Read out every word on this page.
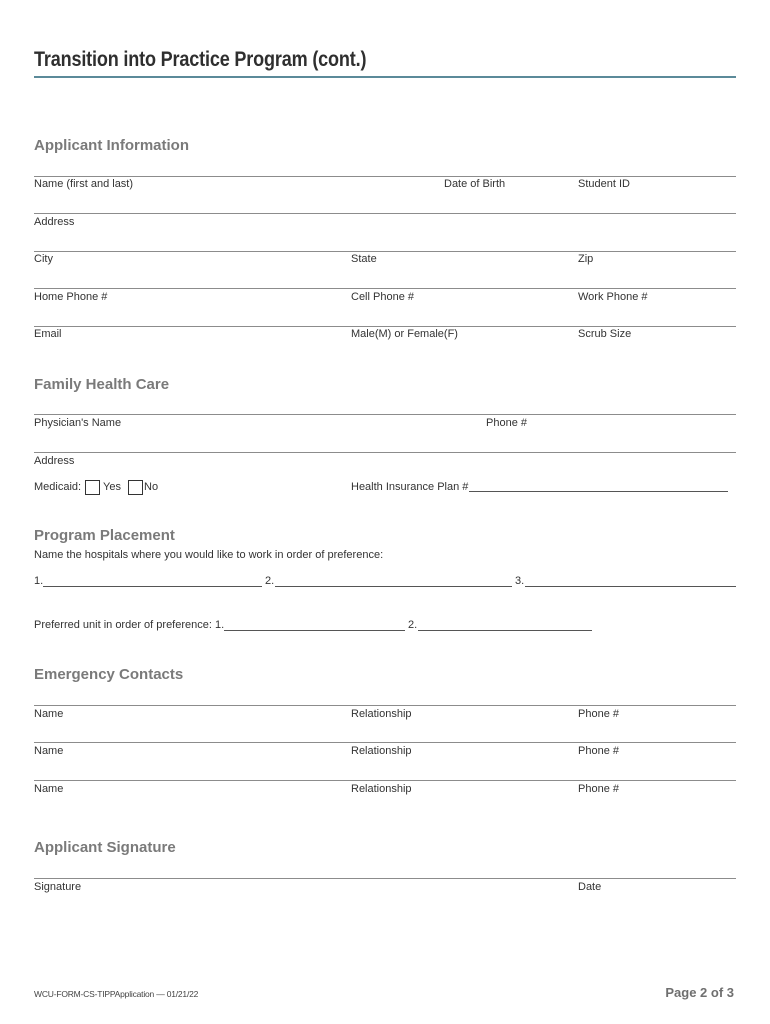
Transition into Practice Program (cont.)
Applicant Information
Name (first and last)	Date of Birth	Student ID
Address
City	State	Zip
Home Phone #	Cell Phone #	Work Phone #
Email	Male(M) or Female(F)	Scrub Size
Family Health Care
Physician's Name	Phone #
Address
Medicaid: Yes No	Health Insurance Plan #
Program Placement
Name the hospitals where you would like to work in order of preference:
1.	2.	3.
Preferred unit in order of preference: 1.	2.
Emergency Contacts
Name	Relationship	Phone #
Name	Relationship	Phone #
Name	Relationship	Phone #
Applicant Signature
Signature	Date
WCU-FORM-CS-TIPPApplication — 01/21/22	Page 2 of 3
